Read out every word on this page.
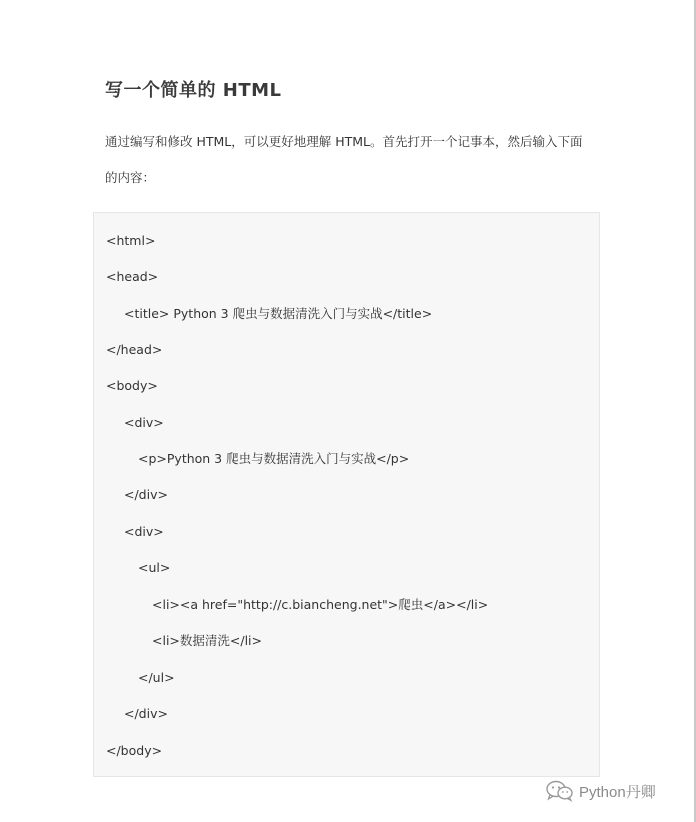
写一个简单的 HTML

通过编写和修改 HTML，可以更好地理解 HTML。首先打开一个记事本，然后输入下面的内容：

<html>
<head>
<title> Python 3 爬虫与数据清洗入门与实战</title>
</head>
<body>
<div>
<p>Python 3 爬虫与数据清洗入门与实战</p>
</div>
<div>
<ul>
<li><a href="http://c.biancheng.net">爬虫</a></li>
<li>数据清洗</li>
</ul>
</div>
</body>
Python丹卿
